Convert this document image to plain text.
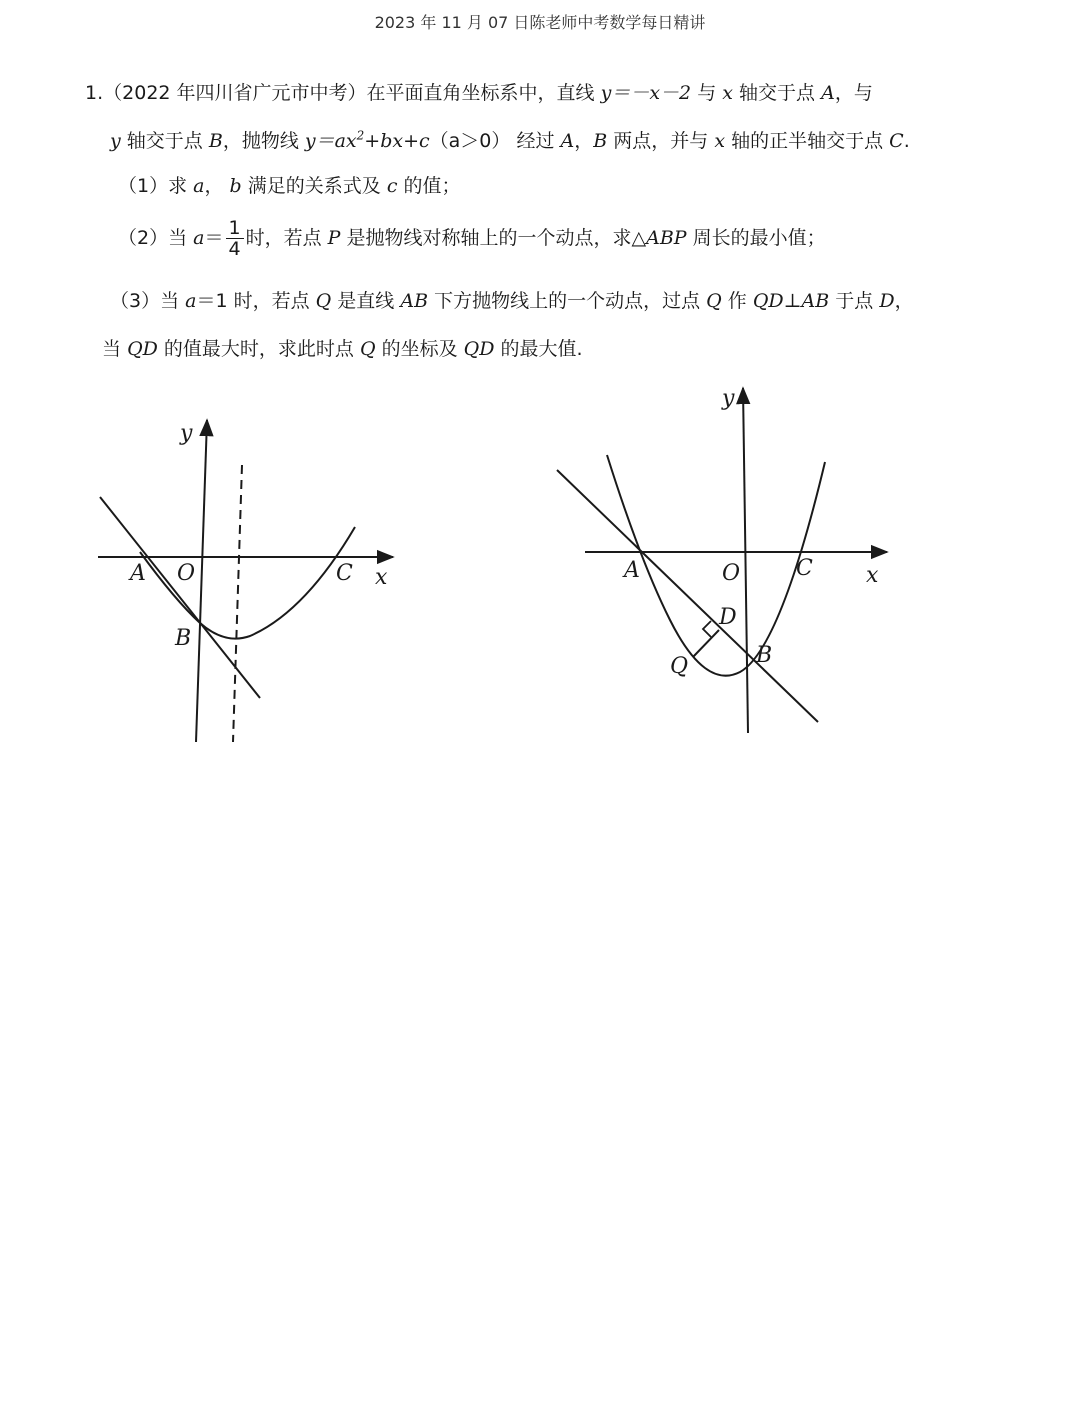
2023 年 11 月 07 日陈老师中考数学每日精讲
1.（2022 年四川省广元市中考）在平面直角坐标系中，直线 y＝－x－2 与 x 轴交于点 A，与
y 轴交于点 B，抛物线 $y=ax^2+bx+c(a>0)$ 经过 A，B 两点，并与 x 轴的正半轴交于点 C.
（1）求 a， b 满足的关系式及 c 的值；
（2）当 $a= \frac{1}{4}$ 时，若点 P 是抛物线对称轴上的一个动点，求△ABP 周长的最小值；
（3）当 a＝1 时，若点 Q 是直线 AB 下方抛物线上的一个动点，过点 Q 作 QD⊥AB 于点 D，
当 QD 的值最大时，求此时点 Q 的坐标及 QD 的最大值.
y
x
A O
B
C
y
x
A	O	C
D
B
Q
